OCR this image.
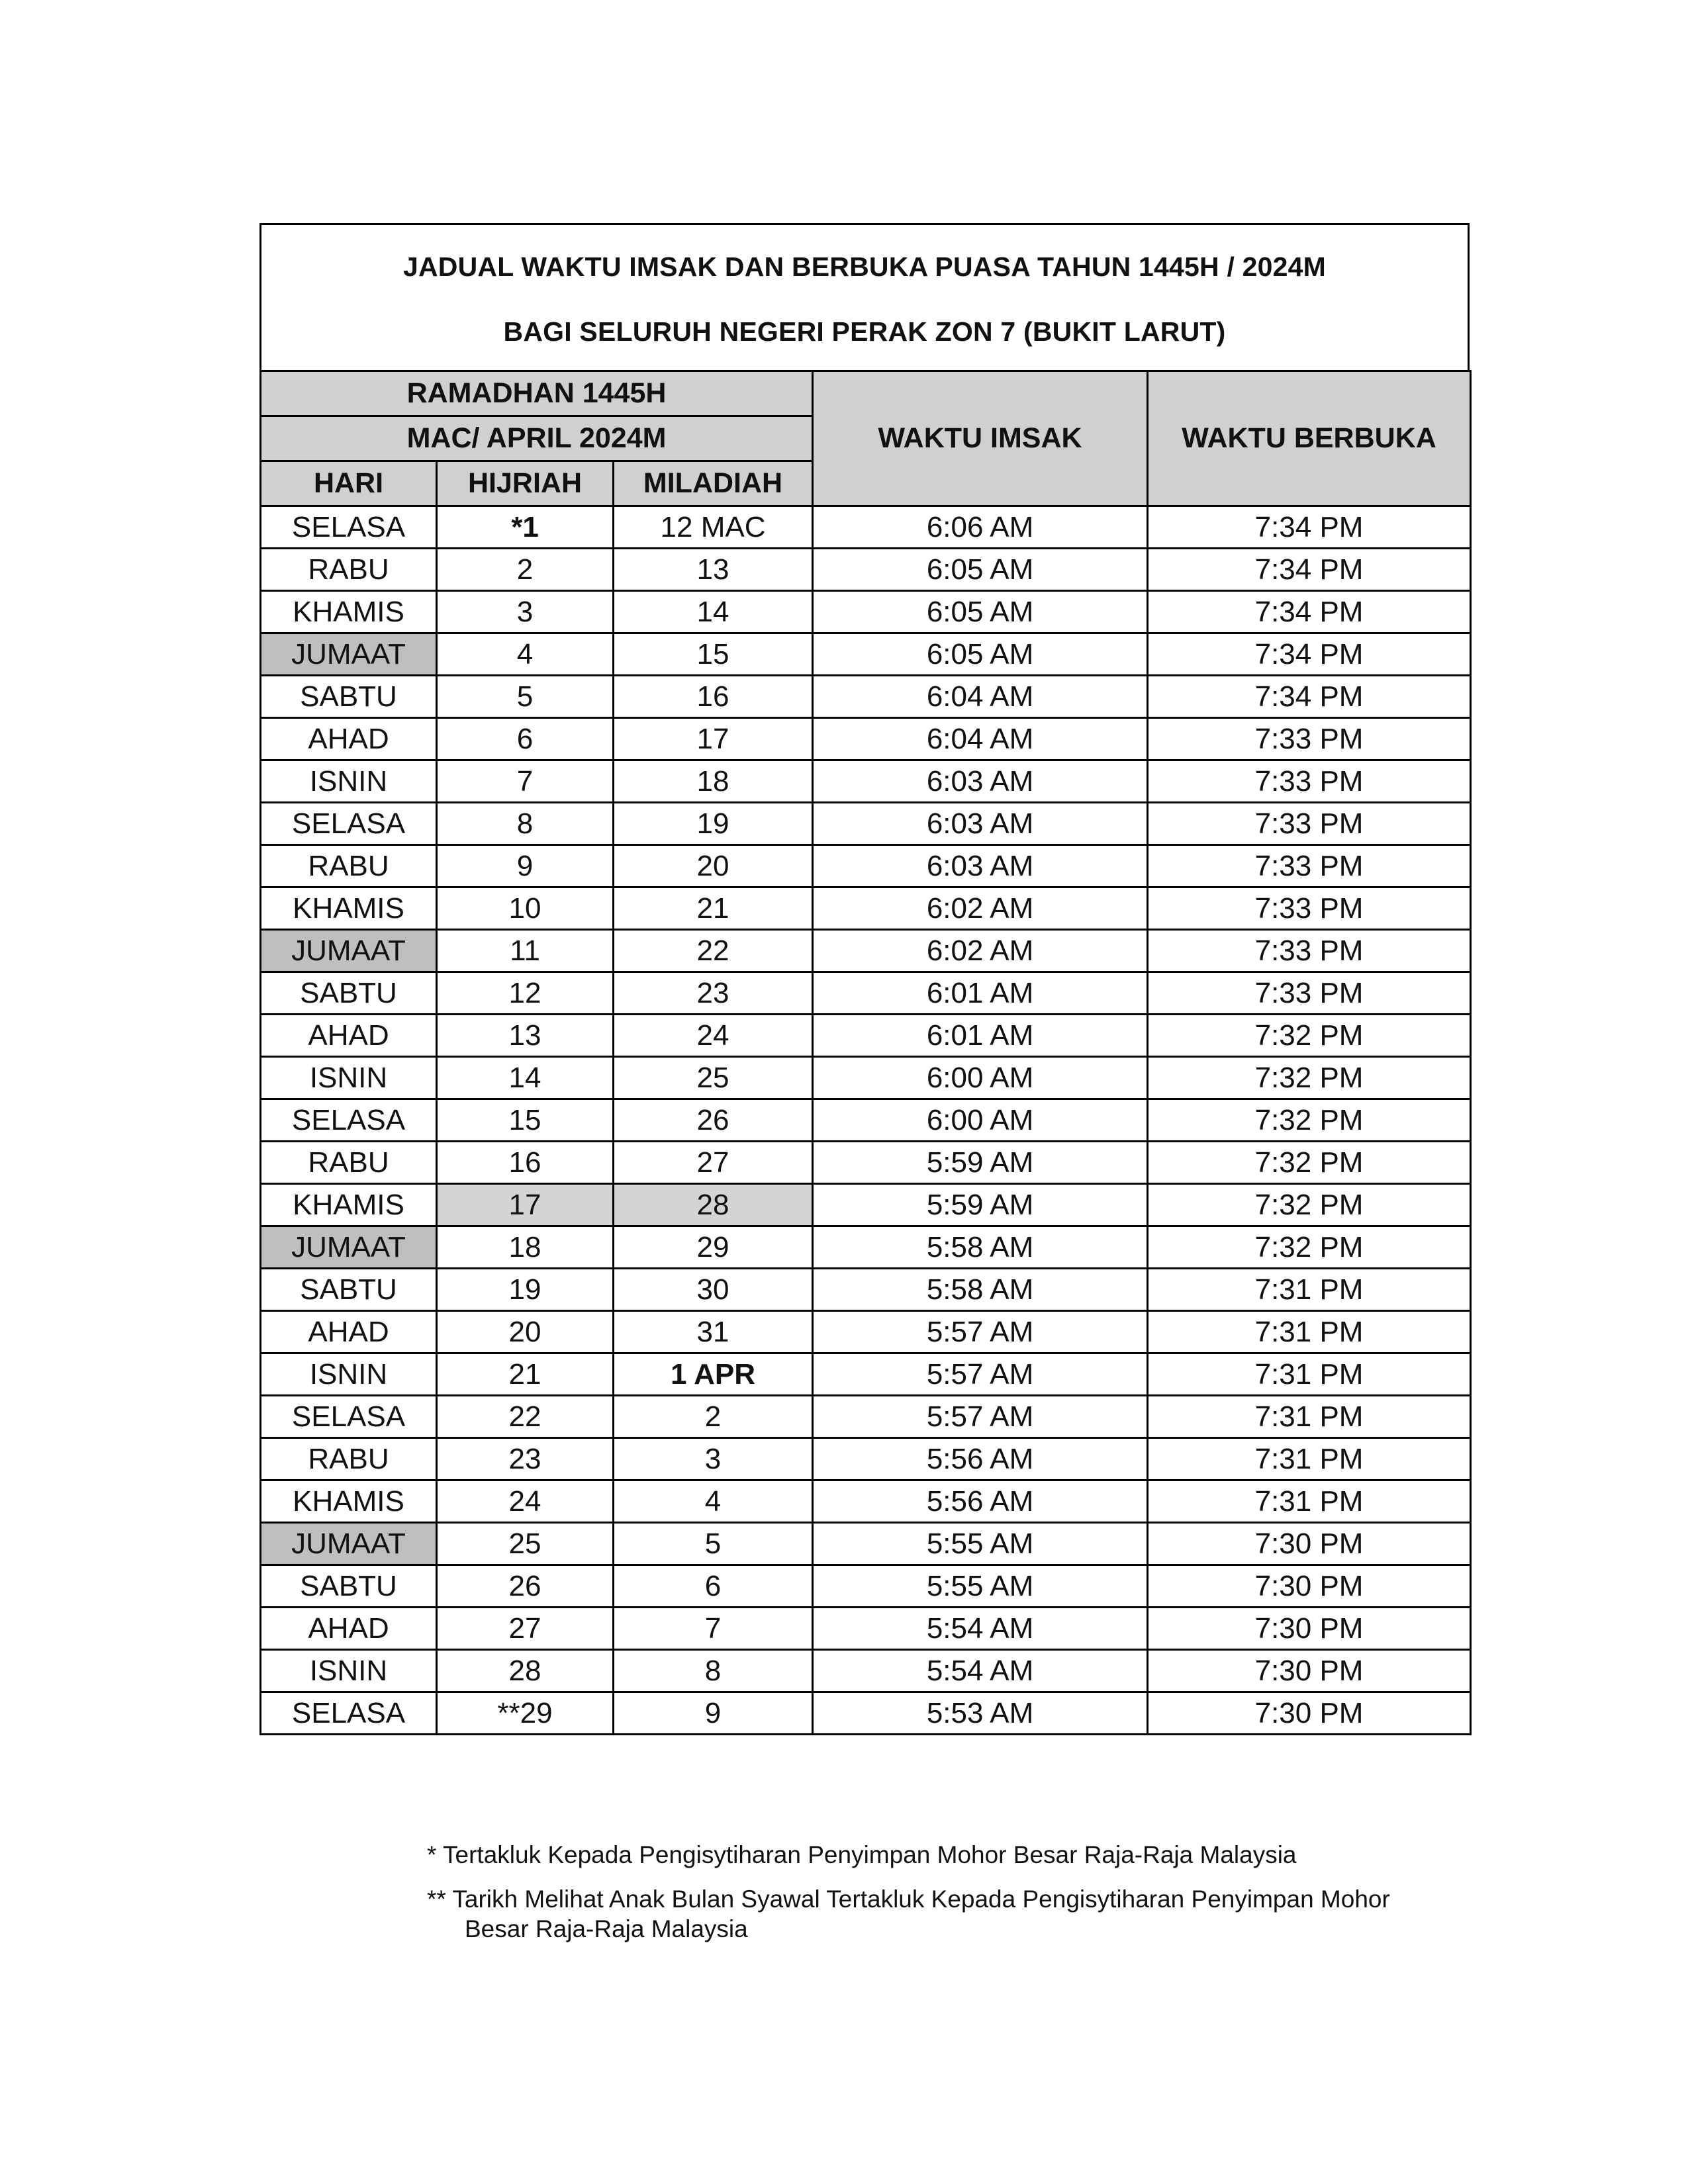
JADUAL WAKTU IMSAK DAN BERBUKA PUASA TAHUN 1445H / 2024M
BAGI SELURUH NEGERI PERAK ZON 7 (BUKIT LARUT)
RAMADHAN 1445H			WAKTU IMSAK	WAKTU BERBUKA
MAC/ APRIL 2024M				
HARI	HIJRIAH	MILADIAH		
SELASA	*1	12 MAC	6:06 AM	7:34 PM
RABU	2	13	6:05 AM	7:34 PM
KHAMIS	3	14	6:05 AM	7:34 PM
JUMAAT	4	15	6:05 AM	7:34 PM
SABTU	5	16	6:04 AM	7:34 PM
AHAD	6	17	6:04 AM	7:33 PM
ISNIN	7	18	6:03 AM	7:33 PM
SELASA	8	19	6:03 AM	7:33 PM
RABU	9	20	6:03 AM	7:33 PM
KHAMIS	10	21	6:02 AM	7:33 PM
JUMAAT	11	22	6:02 AM	7:33 PM
SABTU	12	23	6:01 AM	7:33 PM
AHAD	13	24	6:01 AM	7:32 PM
ISNIN	14	25	6:00 AM	7:32 PM
SELASA	15	26	6:00 AM	7:32 PM
RABU	16	27	5:59 AM	7:32 PM
KHAMIS	17	28	5:59 AM	7:32 PM
JUMAAT	18	29	5:58 AM	7:32 PM
SABTU	19	30	5:58 AM	7:31 PM
AHAD	20	31	5:57 AM	7:31 PM
ISNIN	21	1 APR	5:57 AM	7:31 PM
SELASA	22	2	5:57 AM	7:31 PM
RABU	23	3	5:56 AM	7:31 PM
KHAMIS	24	4	5:56 AM	7:31 PM
JUMAAT	25	5	5:55 AM	7:30 PM
SABTU	26	6	5:55 AM	7:30 PM
AHAD	27	7	5:54 AM	7:30 PM
ISNIN	28	8	5:54 AM	7:30 PM
SELASA	**29	9	5:53 AM	7:30 PM
* Tertakluk Kepada Pengisytiharan Penyimpan Mohor Besar Raja-Raja Malaysia
** Tarikh Melihat Anak Bulan Syawal Tertakluk Kepada Pengisytiharan Penyimpan Mohor
Besar Raja-Raja Malaysia
